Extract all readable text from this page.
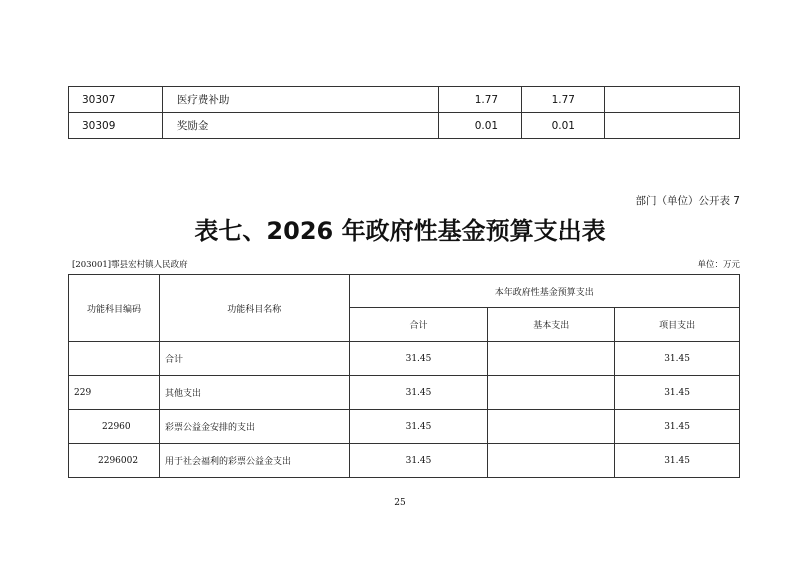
30307	医疗费补助	1.77	1.77	
30309	奖励金	0.01	0.01	
部门（单位）公开表 7
表七、2026 年政府性基金预算支出表
[203001]鄠县宏村镇人民政府	单位：万元
功能科目编码	功能科目名称	本年政府性基金预算支出		
		合计	基本支出	项目支出
	合计	31.45		31.45
229	其他支出	31.45		31.45
22960	彩票公益金安排的支出	31.45		31.45
2296002	用于社会福利的彩票公益金支出	31.45		31.45
25
